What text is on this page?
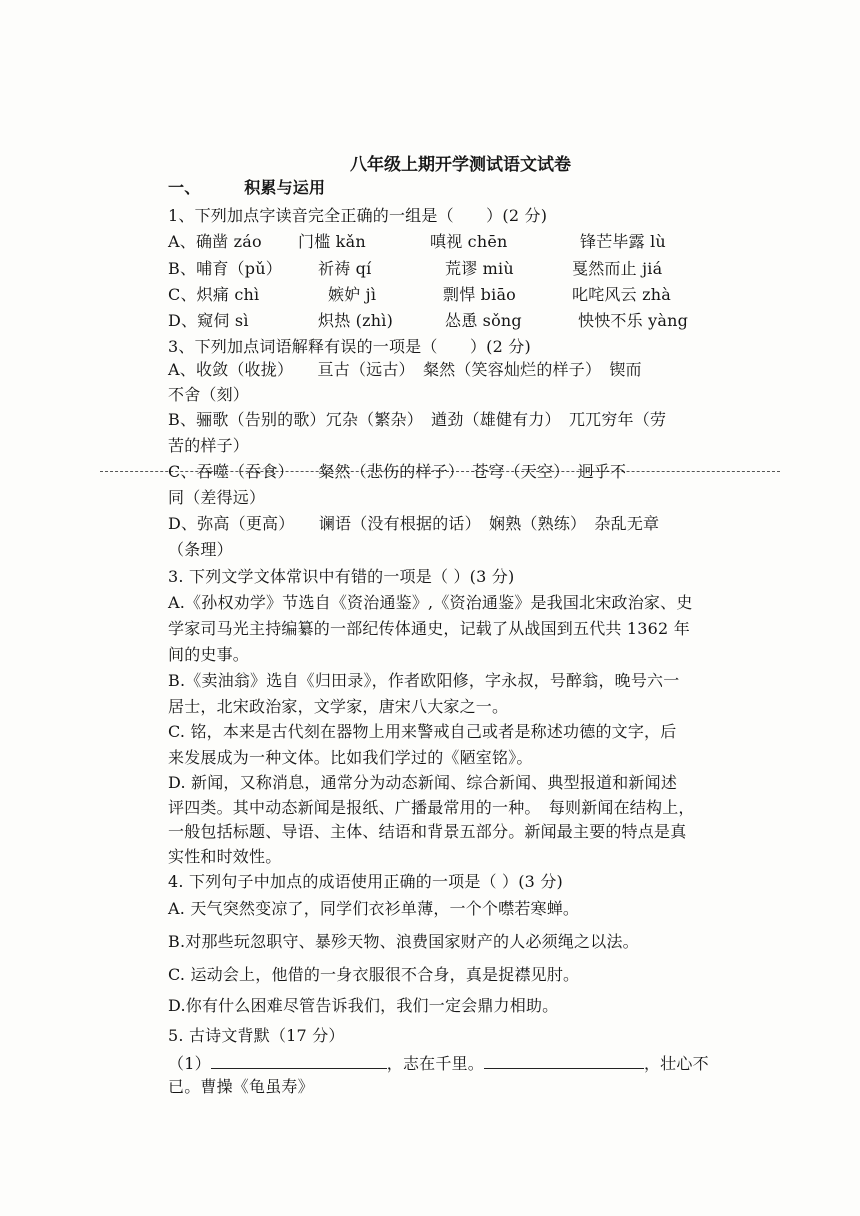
八年级上期开学测试语文试卷
一、	积累与运用
1、下列加点字读音完全正确的一组是（　　）(2 分)
A、确凿 záo 门槛 kǎn	嗔视 chēn	锋芒毕露 lù
B、哺育（pǔ） 祈祷 qí	荒谬 miù	戛然而止 jiá
C、炽痛 chì	嫉妒 jì	剽悍 biāo	叱咤风云 zhà
D、窥伺 sì	炽热 (zhì)	怂恿 sǒng	怏怏不乐 yàng
3、下列加点词语解释有误的一项是（　　）(2 分)
A、收敛（收拢）　　亘古（远古）　粲然（笑容灿烂的样子）　锲而
不舍（刻）
B、骊歌（告别的歌）冗杂（繁杂）　遒劲（雄健有力）　兀兀穷年（劳
苦的样子）
C、吞噬（吞食）　　粲然（悲伤的样子）　苍穹（天空）　迥乎不
同（差得远）
D、弥高（更高）　　谰语（没有根据的话）　娴熟（熟练）　杂乱无章
（条理）
3. 下列文学文体常识中有错的一项是（ ）(3 分)
A.《孙权劝学》节选自《资治通鉴》,《资治通鉴》是我国北宋政治家、史
学家司马光主持编纂的一部纪传体通史，记载了从战国到五代共 1362 年
间的史事。
B.《卖油翁》选自《归田录》，作者欧阳修，字永叔，号醉翁，晚号六一
居士，北宋政治家，文学家，唐宋八大家之一。
C. 铭，本来是古代刻在器物上用来警戒自己或者是称述功德的文字，后
来发展成为一种文体。比如我们学过的《陋室铭》。
D. 新闻，又称消息，通常分为动态新闻、综合新闻、典型报道和新闻述
评四类。其中动态新闻是报纸、广播最常用的一种。　每则新闻在结构上，
一般包括标题、导语、主体、结语和背景五部分。新闻最主要的特点是真
实性和时效性。
4. 下列句子中加点的成语使用正确的一项是（ ）(3 分)
A. 天气突然变凉了，同学们衣衫单薄，一个个噤若寒蝉。
B.对那些玩忽职守、暴殄天物、浪费国家财产的人必须绳之以法。
C. 运动会上，他借的一身衣服很不合身，真是捉襟见肘。
D.你有什么困难尽管告诉我们，我们一定会鼎力相助。
5. 古诗文背默（17 分）
（1）	，志在千里。	，壮心不
已。曹操《龟虽寿》
